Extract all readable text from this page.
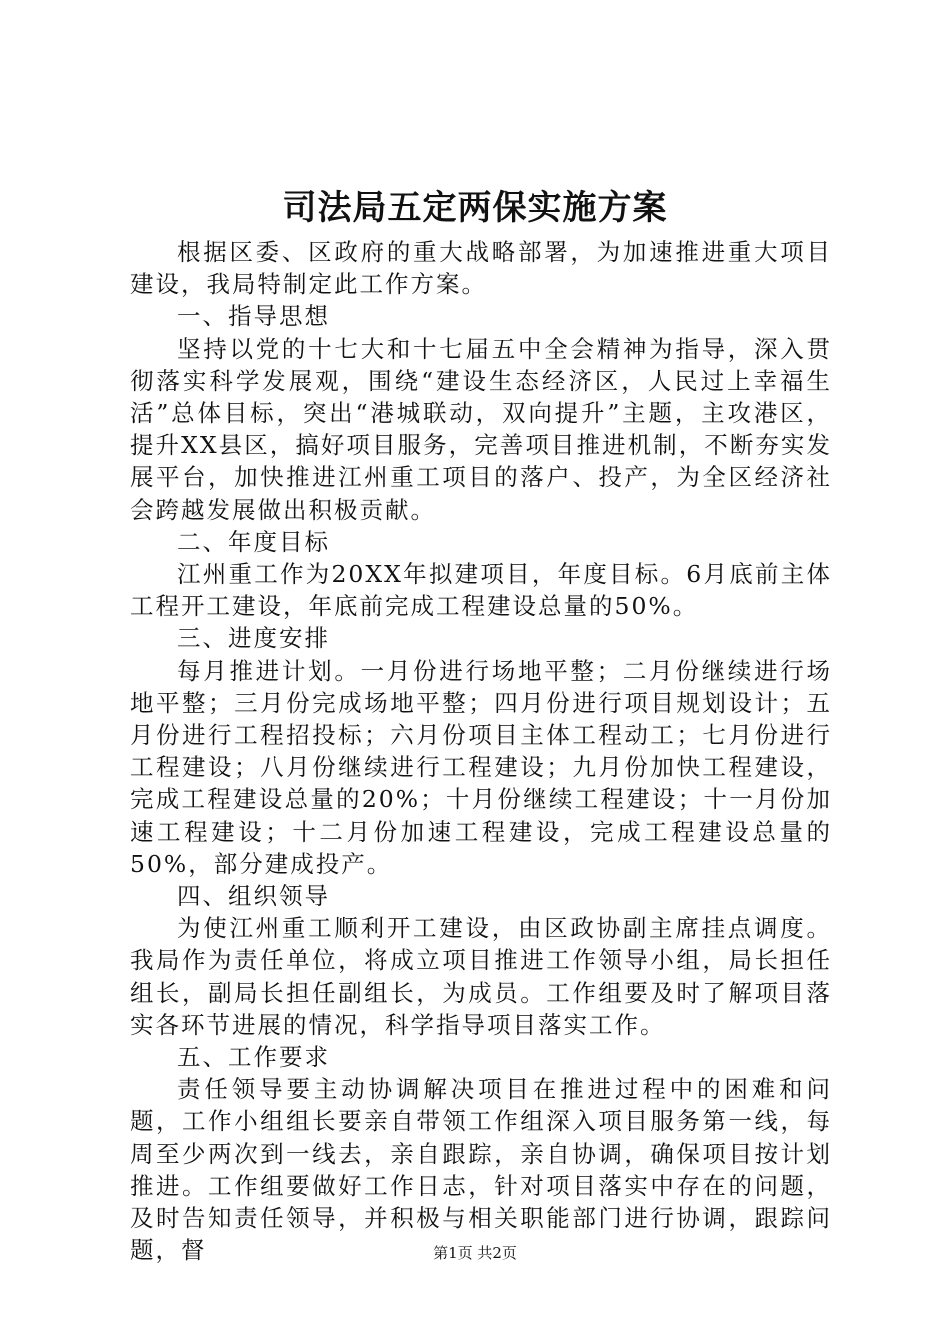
司法局五定两保实施方案

根据区委、区政府的重大战略部署，为加速推进重大项目建设，我局特制定此工作方案。

一、指导思想

坚持以党的十七大和十七届五中全会精神为指导，深入贯彻落实科学发展观，围绕“建设生态经济区，人民过上幸福生活”总体目标，突出“港城联动，双向提升”主题，主攻港区，提升XX县区，搞好项目服务，完善项目推进机制，不断夯实发展平台，加快推进江州重工项目的落户、投产，为全区经济社会跨越发展做出积极贡献。

二、年度目标

江州重工作为20XX年拟建项目，年度目标。6月底前主体工程开工建设，年底前完成工程建设总量的50%。

三、进度安排

每月推进计划。一月份进行场地平整；二月份继续进行场地平整；三月份完成场地平整；四月份进行项目规划设计；五月份进行工程招投标；六月份项目主体工程动工；七月份进行工程建设；八月份继续进行工程建设；九月份加快工程建设，完成工程建设总量的20%；十月份继续工程建设；十一月份加速工程建设；十二月份加速工程建设，完成工程建设总量的50%，部分建成投产。

四、组织领导

为使江州重工顺利开工建设，由区政协副主席挂点调度。我局作为责任单位，将成立项目推进工作领导小组，局长担任组长，副局长担任副组长，为成员。工作组要及时了解项目落实各环节进展的情况，科学指导项目落实工作。

五、工作要求

责任领导要主动协调解决项目在推进过程中的困难和问题，工作小组组长要亲自带领工作组深入项目服务第一线，每周至少两次到一线去，亲自跟踪，亲自协调，确保项目按计划推进。工作组要做好工作日志，针对项目落实中存在的问题，及时告知责任领导，并积极与相关职能部门进行协调，跟踪问题，督	第1页 共2页
